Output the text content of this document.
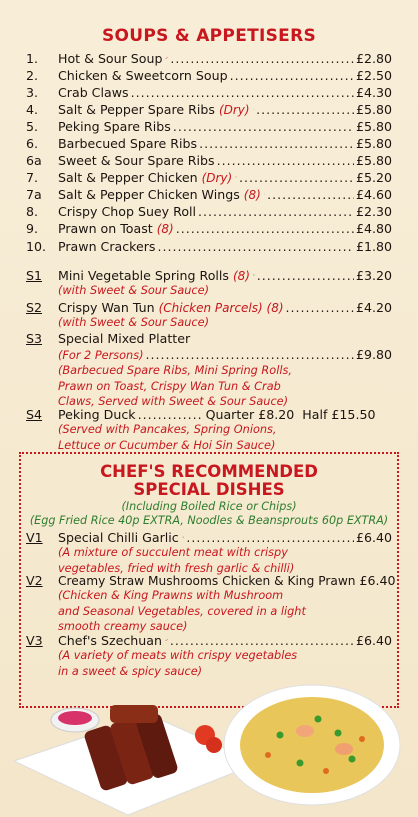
SOUPS & APPETISERS
1.	Hot & Sour Soup .....	£2.80
2.	Chicken & Sweetcorn Soup .....	£2.50
3.	Crab Claws .....	£4.30
4.	Salt & Pepper Spare Ribs (Dry) .....	£5.80
5.	Peking Spare Ribs .....	£5.80
6.	Barbecued Spare Ribs .....	£5.80
6a	Sweet & Sour Spare Ribs .....	£5.80
7.	Salt & Pepper Chicken (Dry) .....	£5.20
7a	Salt & Pepper Chicken Wings (8) .....	£4.60
8.	Crispy Chop Suey Roll .....	£2.30
9.	Prawn on Toast (8) .....	£4.80
10. Prawn Crackers .....	£1.80
S1	Mini Vegetable Spring Rolls (8) .....	£3.20
(with Sweet & Sour Sauce)
S2	Crispy Wan Tun (Chicken Parcels) (8) .....	£4.20
(with Sweet & Sour Sauce)
S3	Special Mixed Platter
(For 2 Persons) .....	£9.80
(Barbecued Spare Ribs, Mini Spring Rolls,
Prawn on Toast, Crispy Wan Tun & Crab
Claws, Served with Sweet & Sour Sauce)
S4	Peking Duck .....	Quarter £8.20 Half £15.50
(Served with Pancakes, Spring Onions,
Lettuce or Cucumber & Hoi Sin Sauce)
CHEF'S RECOMMENDED
SPECIAL DISHES
(Including Boiled Rice or Chips)
(Egg Fried Rice 40p EXTRA, Noodles & Beansprouts 60p EXTRA)
V1	Special Chilli Garlic .....	£6.40
(A mixture of succulent meat with crispy
vegetables, fried with fresh garlic & chilli)
V2	Creamy Straw Mushrooms Chicken & King Prawn £6.40
(Chicken & King Prawns with Mushroom
and Seasonal Vegetables, covered in a light
smooth creamy sauce)
V3	Chef's Szechuan .....	£6.40
(A variety of meats with crispy vegetables
in a sweet & spicy sauce)
